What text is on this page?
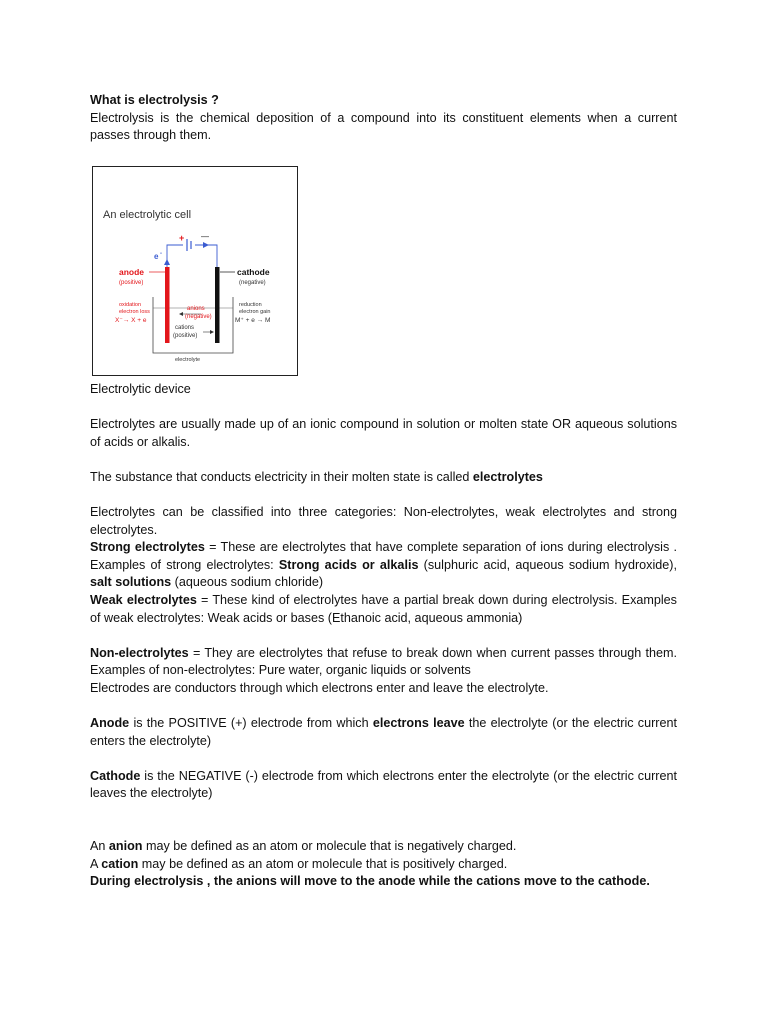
What is electrolysis ?

Electrolysis is the chemical deposition of a compound into its constituent elements when a current passes through them.

An electrolytic cell
e -
+ —
anode
(positive)
cathode
(negative)
oxidation
electron loss
X⁻→ X + e
anions
(negative)
cations
(positive)
reduction
electron gain
M⁺ + e → M
electrolyte

Electrolytic device

Electrolytes are usually made up of an ionic compound in solution or molten state OR aqueous solutions of acids or alkalis.

The substance that conducts electricity in their molten state is called electrolytes

Electrolytes can be classified into three categories: Non-electrolytes, weak electrolytes and strong electrolytes.

Strong electrolytes = These are electrolytes that have complete separation of ions during electrolysis . Examples of strong electrolytes: Strong acids or alkalis (sulphuric acid, aqueous sodium hydroxide), salt solutions (aqueous sodium chloride)

Weak electrolytes = These kind of electrolytes have a partial break down during electrolysis. Examples of weak electrolytes: Weak acids or bases (Ethanoic acid, aqueous ammonia)

Non-electrolytes = They are electrolytes that refuse to break down when current passes through them. Examples of non-electrolytes: Pure water, organic liquids or solvents

Electrodes are conductors through which electrons enter and leave the electrolyte.

Anode is the POSITIVE (+) electrode from which electrons leave the electrolyte (or the electric current enters the electrolyte)

Cathode is the NEGATIVE (-) electrode from which electrons enter the electrolyte (or the electric current leaves the electrolyte)

An anion may be defined as an atom or molecule that is negatively charged.

A cation may be defined as an atom or molecule that is positively charged.

During electrolysis , the anions will move to the anode while the cations move to the cathode.
